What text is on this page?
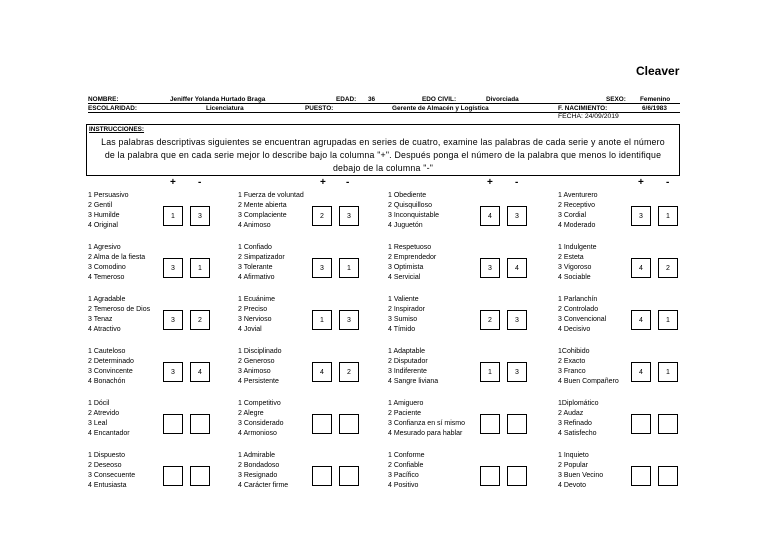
Cleaver
NOMBRE:	Jeniffer Yolanda Hurtado Braga	EDAD: 36	EDO CIVIL:	Divorciada	SEXO: Femenino
ESCOLARIDAD:	Licenciatura	PUESTO:	Gerente de Almacén y Logística	F. NACIMIENTO:	6/6/1983
FECHA: 24/09/2019
INSTRUCCIONES:
Las palabras descriptivas siguientes se encuentran agrupadas en series de cuatro, examine las palabras de cada serie y anote el número de la palabra que en cada serie mejor lo describe bajo la columna "+". Después ponga el número de la palabra que menos lo identifique debajo de la columna "-"
+ -	+ -	+ -	+ -
1 Persuasivo
2 Gentil
3 Humilde
4 Original
1	3
1 Fuerza de voluntad
2 Mente abierta
3 Complaciente
4 Animoso
2	3
1 Obediente
2 Quisquilloso
3 Inconquistable
4 Juguetón
4	3
1 Aventurero
2 Receptivo
3 Cordial
4 Moderado
3	1
1 Agresivo
2 Alma de la fiesta
3 Comodino
4 Temeroso
3	1
1 Confiado
2 Simpatizador
3 Tolerante
4 Afirmativo
3	1
1 Respetuoso
2 Emprendedor
3 Optimista
4 Servicial
3	4
1 Indulgente
2 Esteta
3 Vigoroso
4 Sociable
4	2
1 Agradable
2 Temeroso de Dios
3 Tenaz
4 Atractivo
3	2
1 Ecuánime
2 Preciso
3 Nervioso
4 Jovial
1	3
1 Valiente
2 Inspirador
3 Sumiso
4 Tímido
2	3
1 Parlanchín
2 Controlado
3 Convencional
4 Decisivo
4	1
1 Cauteloso
2 Determinado
3 Convincente
4 Bonachón
3	4
1 Disciplinado
2 Generoso
3 Animoso
4 Persistente
4	2
1 Adaptable
2 Disputador
3 Indiferente
4 Sangre liviana
1	3
1Cohibido
2 Exacto
3 Franco
4 Buen Compañero
4	1
1 Dócil
2 Atrevido
3 Leal
4 Encantador
1 Competitivo
2 Alegre
3 Considerado
4 Armonioso
1 Amiguero
2 Paciente
3 Confianza en sí mismo
4 Mesurado para hablar
1Diplomático
2 Audaz
3 Refinado
4 Satisfecho
1 Dispuesto
2 Deseoso
3 Consecuente
4 Entusiasta
1 Admirable
2 Bondadoso
3 Resignado
4 Carácter firme
1 Conforme
2 Confiable
3 Pacífico
4 Positivo
1 Inquieto
2 Popular
3 Buen Vecino
4 Devoto
